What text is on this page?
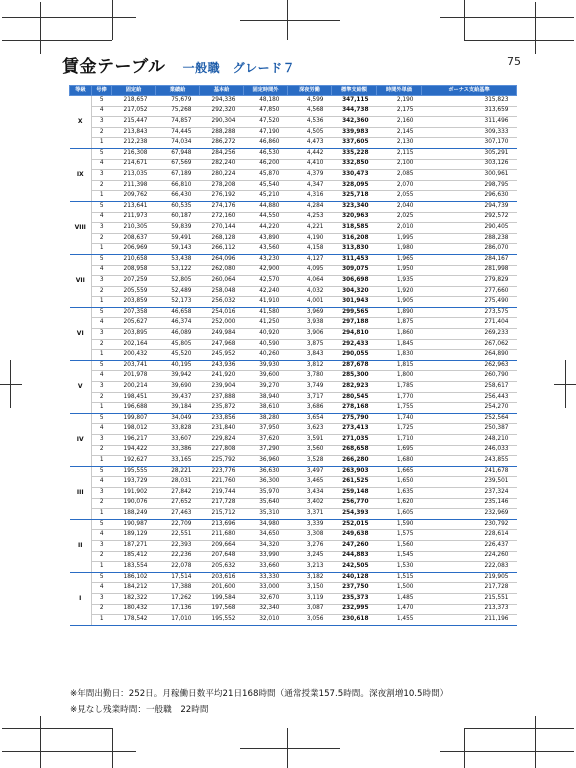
賃金テーブル 一般職　グレード７	75
等級	号俸	固定給	業績給	基本給	固定時間外	深夜労働	標準支給額	時間外単価	ボーナス支給基準
X	5	218,657	75,679	294,336	48,180	4,599	347,115	2,190	315,823
	4	217,052	75,268	292,320	47,850	4,568	344,738	2,175	313,659
	3	215,447	74,857	290,304	47,520	4,536	342,360	2,160	311,496
	2	213,843	74,445	288,288	47,190	4,505	339,983	2,145	309,333
	1	212,238	74,034	286,272	46,860	4,473	337,605	2,130	307,170
IX	5	216,308	67,948	284,256	46,530	4,442	335,228	2,115	305,291
	4	214,671	67,569	282,240	46,200	4,410	332,850	2,100	303,126
	3	213,035	67,189	280,224	45,870	4,379	330,473	2,085	300,961
	2	211,398	66,810	278,208	45,540	4,347	328,095	2,070	298,795
	1	209,762	66,430	276,192	45,210	4,316	325,718	2,055	296,630
VIII	5	213,641	60,535	274,176	44,880	4,284	323,340	2,040	294,739
	4	211,973	60,187	272,160	44,550	4,253	320,963	2,025	292,572
	3	210,305	59,839	270,144	44,220	4,221	318,585	2,010	290,405
	2	208,637	59,491	268,128	43,890	4,190	316,208	1,995	288,238
	1	206,969	59,143	266,112	43,560	4,158	313,830	1,980	286,070
VII	5	210,658	53,438	264,096	43,230	4,127	311,453	1,965	284,167
	4	208,958	53,122	262,080	42,900	4,095	309,075	1,950	281,998
	3	207,259	52,805	260,064	42,570	4,064	306,698	1,935	279,829
	2	205,559	52,489	258,048	42,240	4,032	304,320	1,920	277,660
	1	203,859	52,173	256,032	41,910	4,001	301,943	1,905	275,490
VI	5	207,358	46,658	254,016	41,580	3,969	299,565	1,890	273,575
	4	205,627	46,374	252,000	41,250	3,938	297,188	1,875	271,404
	3	203,895	46,089	249,984	40,920	3,906	294,810	1,860	269,233
	2	202,164	45,805	247,968	40,590	3,875	292,433	1,845	267,062
	1	200,432	45,520	245,952	40,260	3,843	290,055	1,830	264,890
V	5	203,741	40,195	243,936	39,930	3,812	287,678	1,815	262,963
	4	201,978	39,942	241,920	39,600	3,780	285,300	1,800	260,790
	3	200,214	39,690	239,904	39,270	3,749	282,923	1,785	258,617
	2	198,451	39,437	237,888	38,940	3,717	280,545	1,770	256,443
	1	196,688	39,184	235,872	38,610	3,686	278,168	1,755	254,270
IV	5	199,807	34,049	233,856	38,280	3,654	275,790	1,740	252,564
	4	198,012	33,828	231,840	37,950	3,623	273,413	1,725	250,387
	3	196,217	33,607	229,824	37,620	3,591	271,035	1,710	248,210
	2	194,422	33,386	227,808	37,290	3,560	268,658	1,695	246,033
	1	192,627	33,165	225,792	36,960	3,528	266,280	1,680	243,855
III	5	195,555	28,221	223,776	36,630	3,497	263,903	1,665	241,678
	4	193,729	28,031	221,760	36,300	3,465	261,525	1,650	239,501
	3	191,902	27,842	219,744	35,970	3,434	259,148	1,635	237,324
	2	190,076	27,652	217,728	35,640	3,402	256,770	1,620	235,146
	1	188,249	27,463	215,712	35,310	3,371	254,393	1,605	232,969
II	5	190,987	22,709	213,696	34,980	3,339	252,015	1,590	230,792
	4	189,129	22,551	211,680	34,650	3,308	249,638	1,575	228,614
	3	187,271	22,393	209,664	34,320	3,276	247,260	1,560	226,437
	2	185,412	22,236	207,648	33,990	3,245	244,883	1,545	224,260
	1	183,554	22,078	205,632	33,660	3,213	242,505	1,530	222,083
I	5	186,102	17,514	203,616	33,330	3,182	240,128	1,515	219,905
	4	184,212	17,388	201,600	33,000	3,150	237,750	1,500	217,728
	3	182,322	17,262	199,584	32,670	3,119	235,373	1,485	215,551
	2	180,432	17,136	197,568	32,340	3,087	232,995	1,470	213,373
	1	178,542	17,010	195,552	32,010	3,056	230,618	1,455	211,196
※年間出勤日：252日。月稼働日数平均21日168時間（通常授業157.5時間。深夜割増10.5時間）
※見なし残業時間：一般職　22時間
